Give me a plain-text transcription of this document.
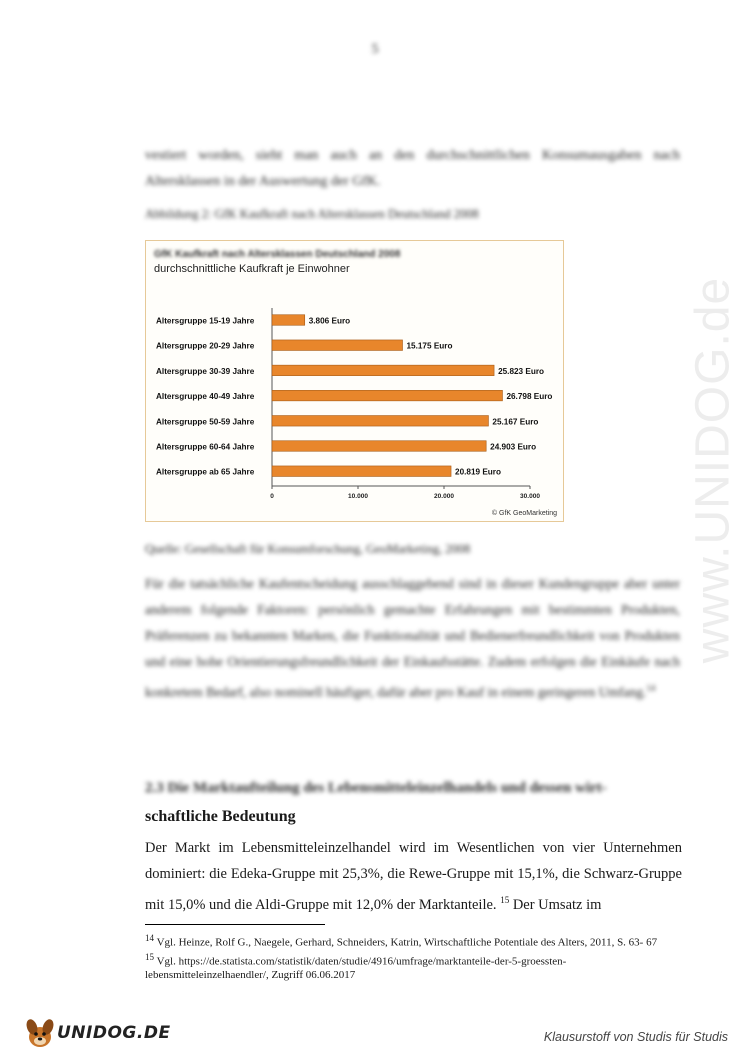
www.UNIDOG.de
5
vestiert worden, sieht man auch an den durchschnittlichen Konsumausgaben nach Altersklassen in der Auswertung der GfK.
Abbildung 2: GfK Kaufkraft nach Altersklassen Deutschland 2008
Altersgruppe 15-19 Jahre	3.806 Euro
Altersgruppe 20-29 Jahre	15.175 Euro
Altersgruppe 30-39 Jahre	25.823 Euro
Altersgruppe 40-49 Jahre	26.798 Euro
Altersgruppe 50-59 Jahre	25.167 Euro
Altersgruppe 60-64 Jahre	24.903 Euro
Altersgruppe ab 65 Jahre	20.819 Euro
0	10.000	20.000	30.000
GfK Kaufkraft nach Altersklassen Deutschland 2008
durchschnittliche Kaufkraft je Einwohner
© GfK GeoMarketing
Quelle: Gesellschaft für Konsumforschung, GeoMarketing, 2008
Für die tatsächliche Kaufentscheidung ausschlaggebend sind in dieser Kundengruppe aber unter anderem folgende Faktoren: persönlich gemachte Erfahrungen mit bestimmten Produkten, Präferenzen zu bekannten Marken, die Funktionalität und Bedienerfreundlichkeit von Produkten und eine hohe Orientierungsfreundlichkeit der Einkaufsstätte. Zudem erfolgen die Einkäufe nach konkretem Bedarf, also nominell häufiger, dafür aber pro Kauf in einem geringeren Umfang.$^{14}$
2.3 Die Marktaufteilung des Lebensmitteleinzelhandels und dessen wirt-
schaftliche Bedeutung
Der Markt im Lebensmitteleinzelhandel wird im Wesentlichen von vier Unternehmen dominiert: die Edeka-Gruppe mit 25,3%, die Rewe-Gruppe mit 15,1%, die Schwarz-Gruppe mit 15,0% und die Aldi-Gruppe mit 12,0% der Marktanteile. $^{15}$ Der Umsatz im

$^{14}$ Vgl. Heinze, Rolf G., Naegele, Gerhard, Schneiders, Katrin, Wirtschaftliche Potentiale des Alters, 2011, S. 63- 67

$^{15}$ Vgl. https://de.statista.com/statistik/daten/studie/4916/umfrage/marktanteile-der-5-groessten-lebensmitteleinzelhaendler/, Zugriff 06.06.2017

UNIDOG.DE	Klausurstoff von Studis für Studis
